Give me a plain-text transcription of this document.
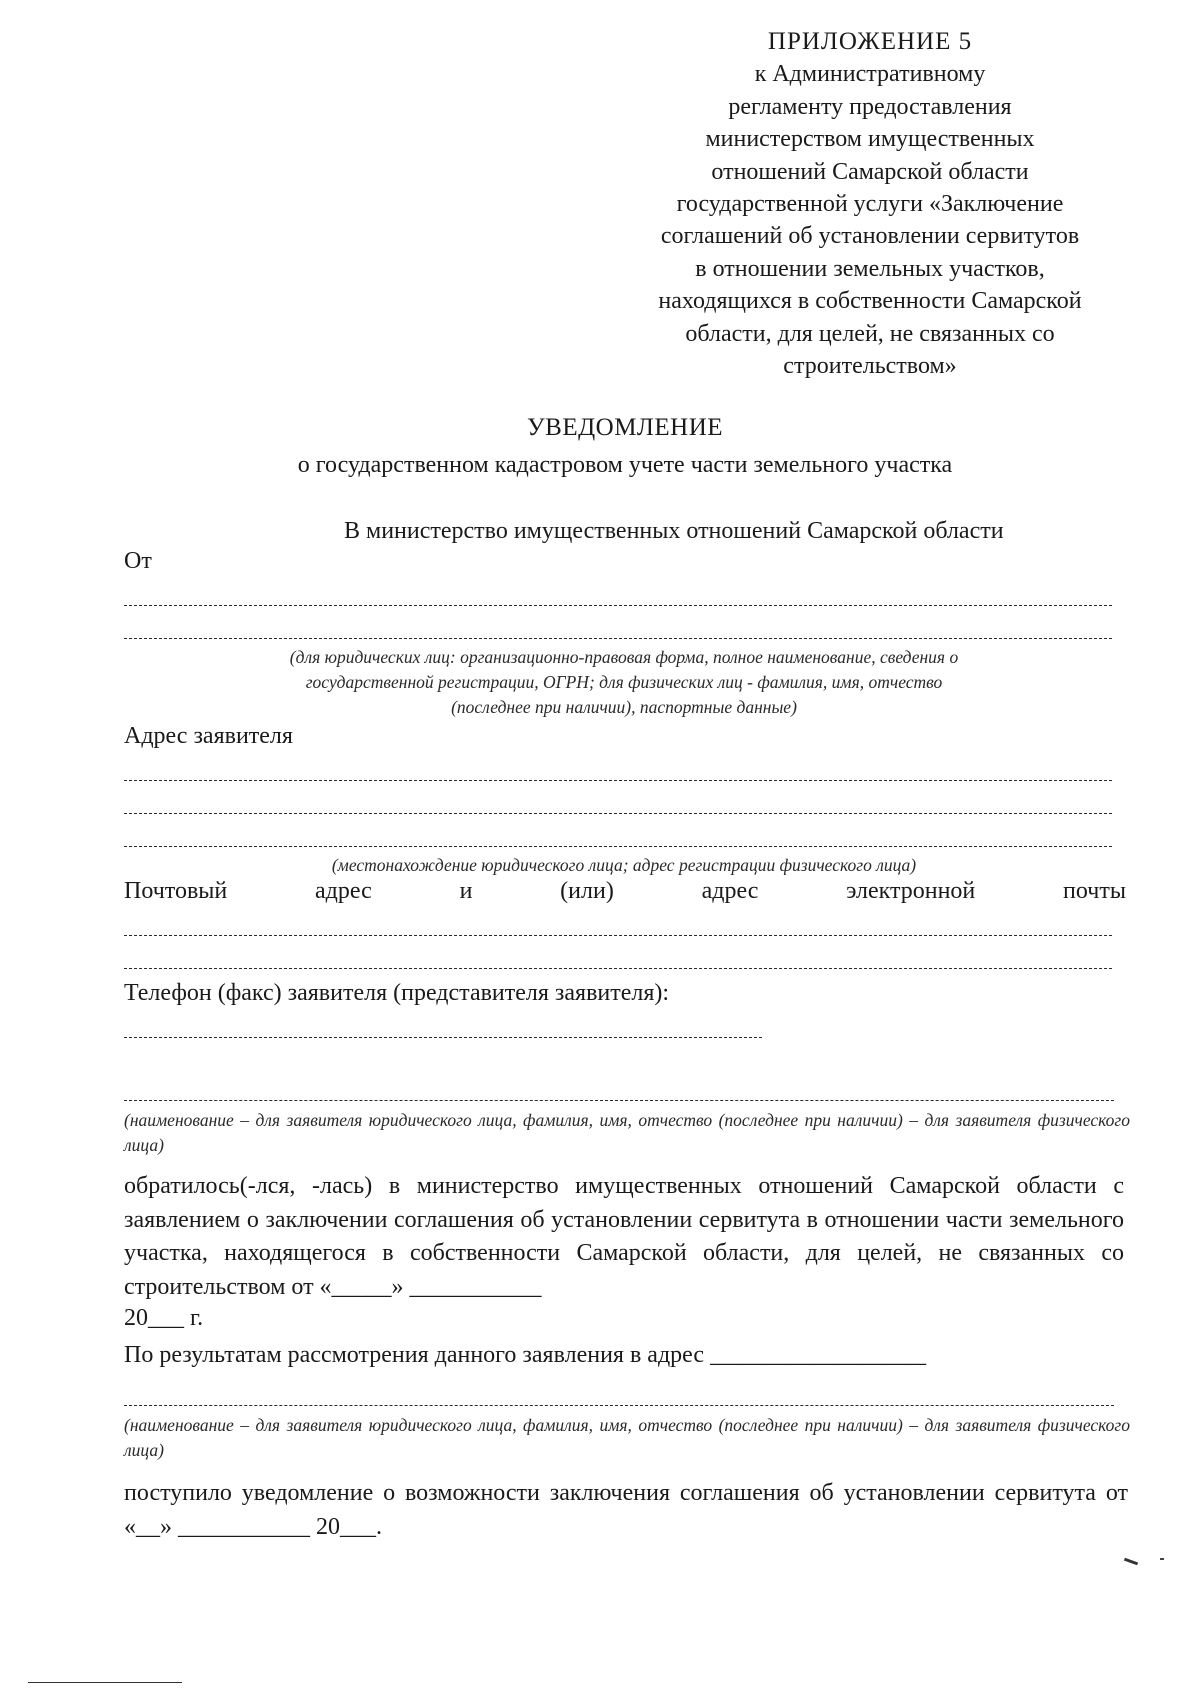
ПРИЛОЖЕНИЕ 5
к Административному
регламенту предоставления
министерством имущественных
отношений Самарской области
государственной услуги «Заключение
соглашений об установлении сервитутов
в отношении земельных участков,
находящихся в собственности Самарской
области, для целей, не связанных со
строительством»
УВЕДОМЛЕНИЕ
о государственном кадастровом учете части земельного участка
В министерство имущественных отношений Самарской области
От
(для юридических лиц: организационно-правовая форма, полное наименование, сведения о
государственной регистрации, ОГРН; для физических лиц - фамилия, имя, отчество
(последнее при наличии), паспортные данные)
Адрес заявителя
(местонахождение юридического лица; адрес регистрации физического лица)
Почтовый	адрес	и	(или)	адрес	электронной	почты
Телефон (факс) заявителя (представителя заявителя):
(наименование – для заявителя юридического лица, фамилия, имя, отчество (последнее при наличии) – для заявителя физического лица)
обратилось(-лся, -лась) в министерство имущественных отношений Самарской области с заявлением о заключении соглашения об установлении сервитута в отношении части земельного участка, находящегося в собственности Самарской области, для целей, не связанных со строительством от «_____» ___________
20___ г.
По результатам рассмотрения данного заявления в адрес __________________
(наименование – для заявителя юридического лица, фамилия, имя, отчество (последнее при наличии) – для заявителя физического лица)
поступило уведомление о возможности заключения соглашения об установлении сервитута от «__» ___________ 20___.
